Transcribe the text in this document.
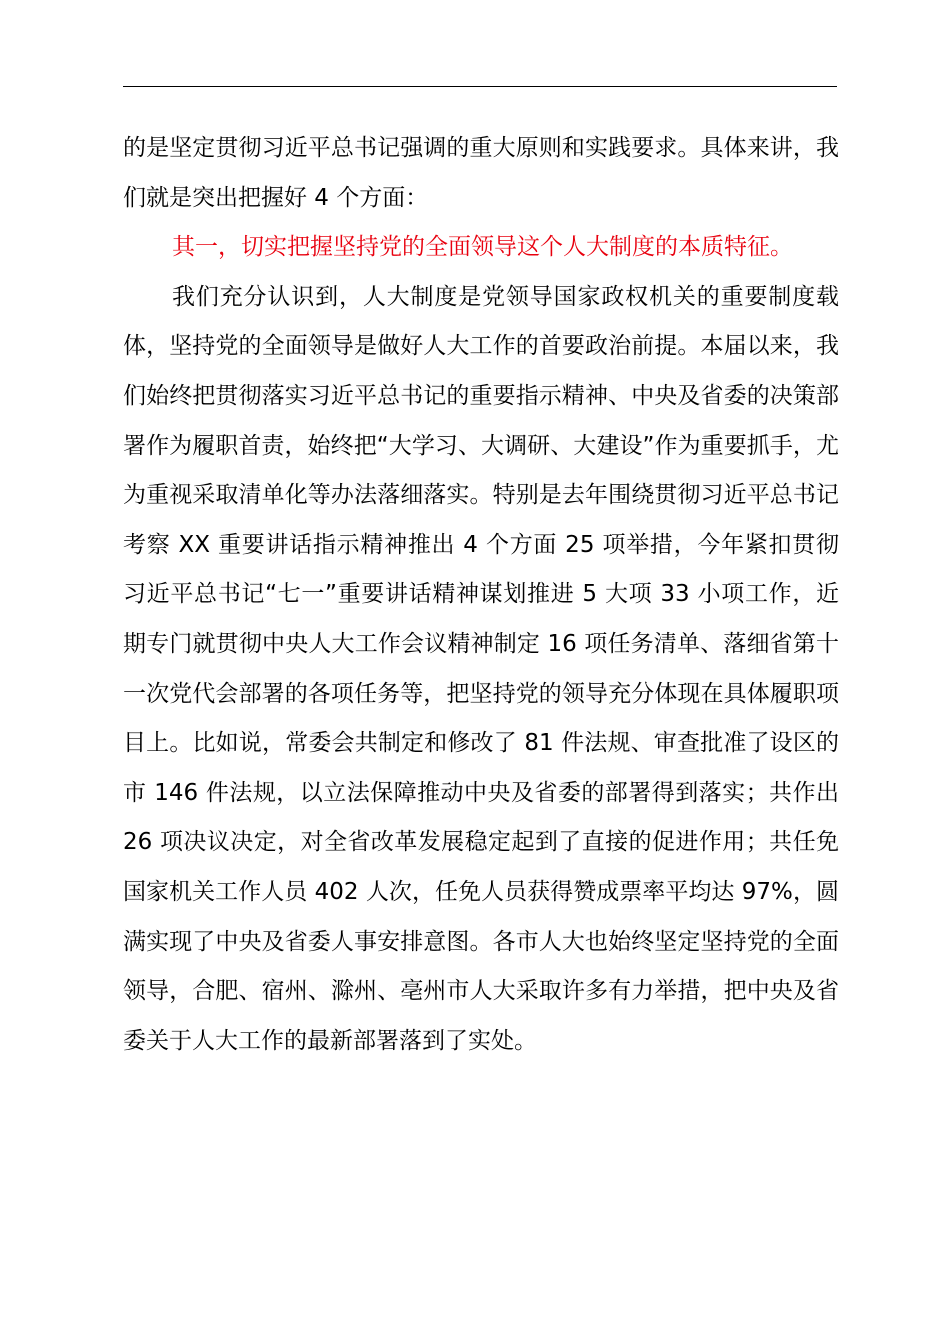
的是坚定贯彻习近平总书记强调的重大原则和实践要求。具体来讲，我们就是突出把握好 4 个方面：

其一，切实把握坚持党的全面领导这个人大制度的本质特征。

我们充分认识到，人大制度是党领导国家政权机关的重要制度载体，坚持党的全面领导是做好人大工作的首要政治前提。本届以来，我们始终把贯彻落实习近平总书记的重要指示精神、中央及省委的决策部署作为履职首责，始终把“大学习、大调研、大建设”作为重要抓手，尤为重视采取清单化等办法落细落实。特别是去年围绕贯彻习近平总书记考察 XX 重要讲话指示精神推出 4 个方面 25 项举措，今年紧扣贯彻习近平总书记“七一”重要讲话精神谋划推进 5 大项 33 小项工作，近期专门就贯彻中央人大工作会议精神制定 16 项任务清单、落细省第十一次党代会部署的各项任务等，把坚持党的领导充分体现在具体履职项目上。比如说，常委会共制定和修改了 81 件法规、审查批准了设区的市 146 件法规，以立法保障推动中央及省委的部署得到落实；共作出 26 项决议决定，对全省改革发展稳定起到了直接的促进作用；共任免国家机关工作人员 402 人次，任免人员获得赞成票率平均达 97%，圆满实现了中央及省委人事安排意图。各市人大也始终坚定坚持党的全面领导，合肥、宿州、滁州、亳州市人大采取许多有力举措，把中央及省委关于人大工作的最新部署落到了实处。
